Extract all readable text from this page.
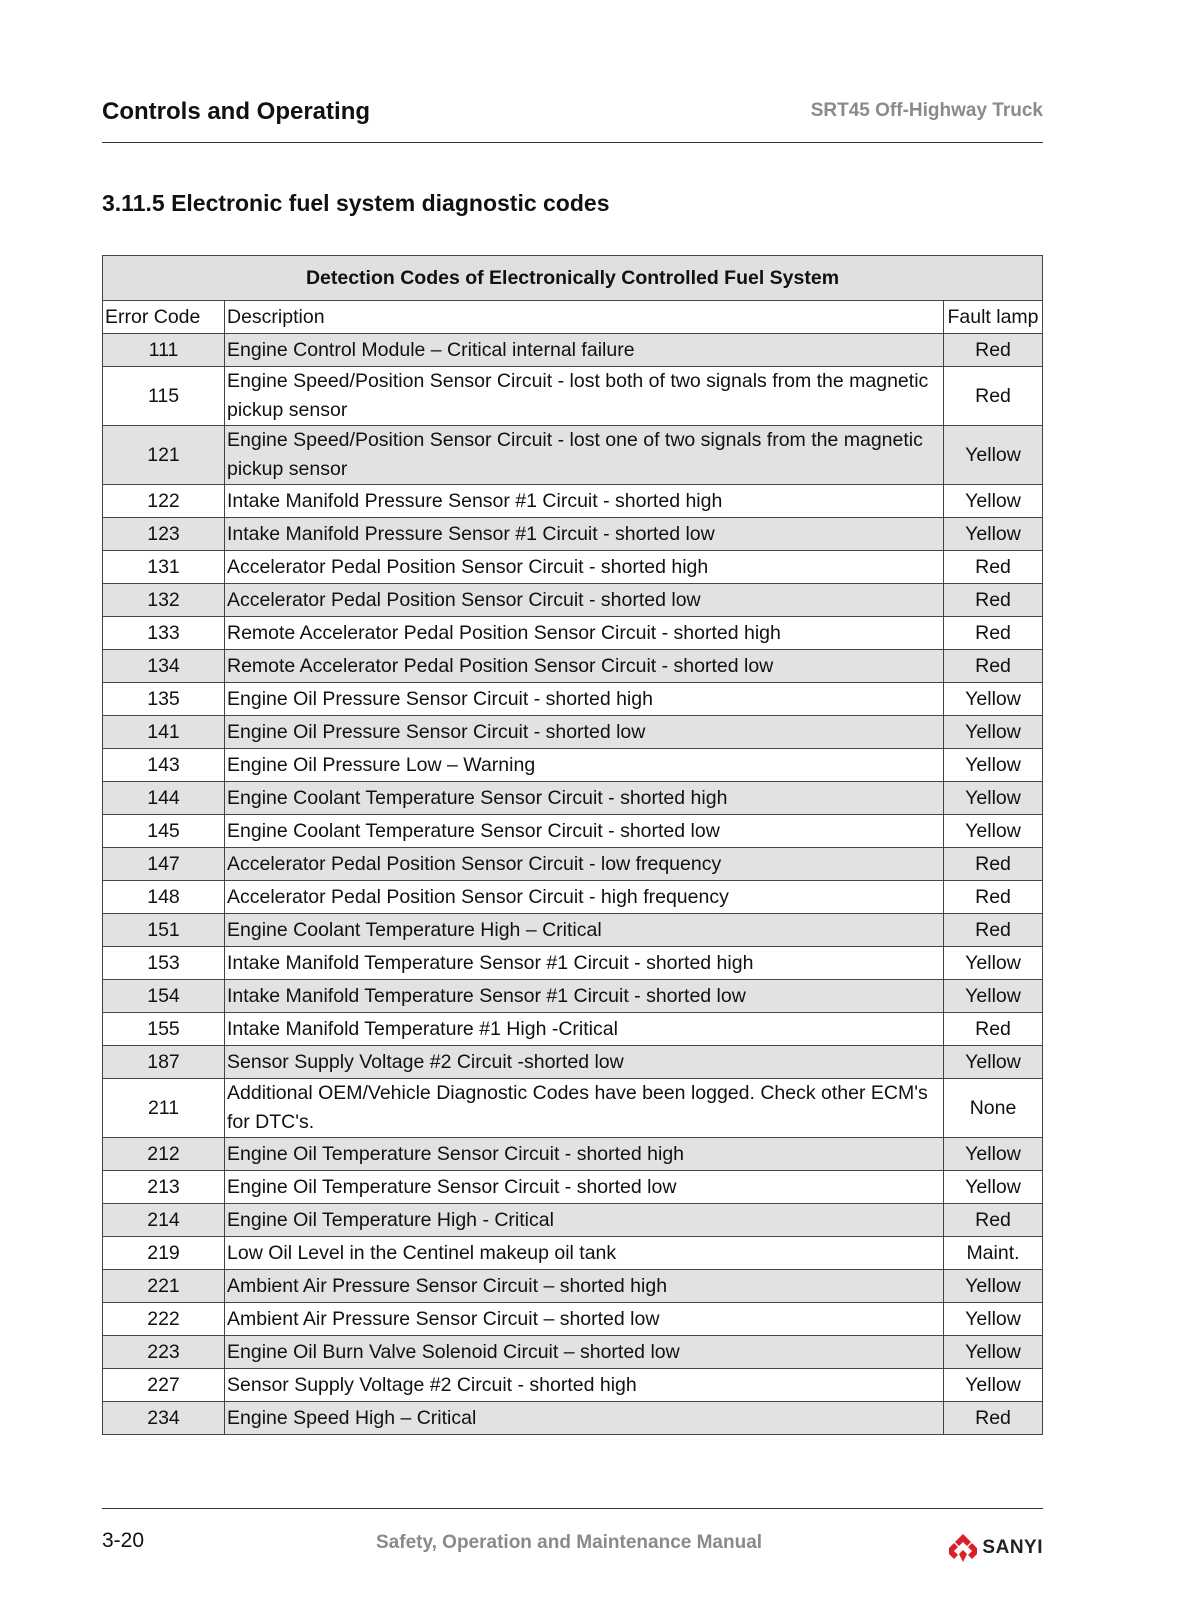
Controls and Operating	SRT45 Off-Highway Truck
3.11.5 Electronic fuel system diagnostic codes
Detection Codes of Electronically Controlled Fuel System		
Error Code	Description	Fault lamp
111	Engine Control Module – Critical internal failure	Red
115	Engine Speed/Position Sensor Circuit - lost both of two signals from the magnetic pickup sensor	Red
121	Engine Speed/Position Sensor Circuit - lost one of two signals from the magnetic pickup sensor	Yellow
122	Intake Manifold Pressure Sensor #1 Circuit - shorted high	Yellow
123	Intake Manifold Pressure Sensor #1 Circuit - shorted low	Yellow
131	Accelerator Pedal Position Sensor Circuit - shorted high	Red
132	Accelerator Pedal Position Sensor Circuit - shorted low	Red
133	Remote Accelerator Pedal Position Sensor Circuit - shorted high	Red
134	Remote Accelerator Pedal Position Sensor Circuit - shorted low	Red
135	Engine Oil Pressure Sensor Circuit - shorted high	Yellow
141	Engine Oil Pressure Sensor Circuit - shorted low	Yellow
143	Engine Oil Pressure Low – Warning	Yellow
144	Engine Coolant Temperature Sensor Circuit - shorted high	Yellow
145	Engine Coolant Temperature Sensor Circuit - shorted low	Yellow
147	Accelerator Pedal Position Sensor Circuit - low frequency	Red
148	Accelerator Pedal Position Sensor Circuit - high frequency	Red
151	Engine Coolant Temperature High – Critical	Red
153	Intake Manifold Temperature Sensor #1 Circuit - shorted high	Yellow
154	Intake Manifold Temperature Sensor #1 Circuit - shorted low	Yellow
155	Intake Manifold Temperature #1 High -Critical	Red
187	Sensor Supply Voltage #2 Circuit -shorted low	Yellow
211	Additional OEM/Vehicle Diagnostic Codes have been logged. Check other ECM's for DTC's.	None
212	Engine Oil Temperature Sensor Circuit - shorted high	Yellow
213	Engine Oil Temperature Sensor Circuit - shorted low	Yellow
214	Engine Oil Temperature High - Critical	Red
219	Low Oil Level in the Centinel makeup oil tank	Maint.
221	Ambient Air Pressure Sensor Circuit – shorted high	Yellow
222	Ambient Air Pressure Sensor Circuit – shorted low	Yellow
223	Engine Oil Burn Valve Solenoid Circuit – shorted low	Yellow
227	Sensor Supply Voltage #2 Circuit - shorted high	Yellow
234	Engine Speed High – Critical	Red
3-20	Safety, Operation and Maintenance Manual	SANYI
